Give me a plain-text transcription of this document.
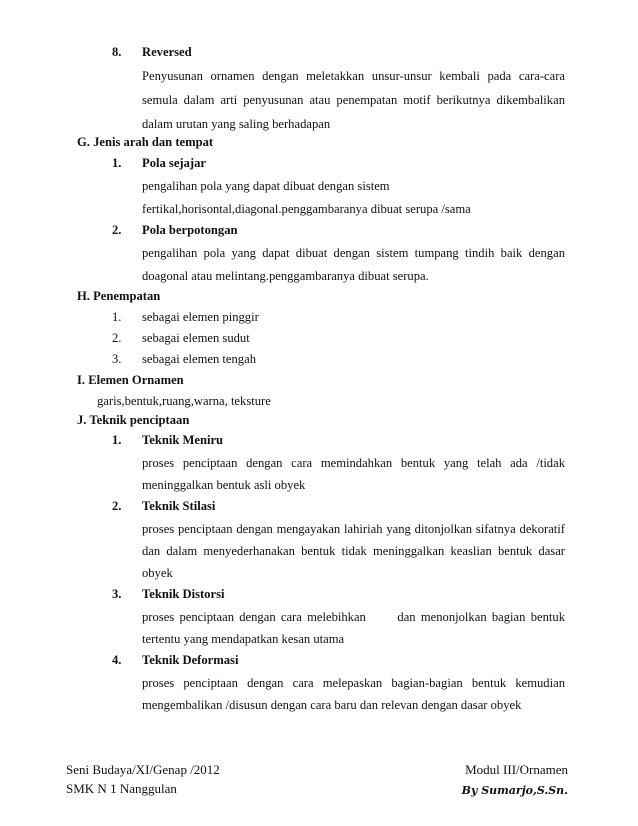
8. Reversed
Penyusunan ornamen dengan meletakkan unsur-unsur kembali pada cara-cara
semula dalam arti penyusunan atau penempatan motif berikutnya dikembalikan
dalam urutan yang saling berhadapan
G. Jenis arah dan tempat
1. Pola sejajar
pengalihan pola yang dapat dibuat dengan sistem
fertikal,horisontal,diagonal.penggambaranya dibuat serupa /sama
2. Pola berpotongan
pengalihan pola yang dapat dibuat dengan sistem tumpang tindih baik dengan
doagonal atau melintang.penggambaranya dibuat serupa.
H. Penempatan
1. sebagai elemen pinggir
2. sebagai elemen sudut
3. sebagai elemen tengah
I. Elemen Ornamen
garis,bentuk,ruang,warna, teksture
J. Teknik penciptaan
1. Teknik Meniru
proses penciptaan dengan cara memindahkan bentuk yang telah ada /tidak
meninggalkan bentuk asli obyek
2. Teknik Stilasi
proses penciptaan dengan mengayakan lahiriah yang ditonjolkan sifatnya dekoratif
dan dalam menyederhanakan bentuk tidak meninggalkan keaslian bentuk dasar
obyek
3. Teknik Distorsi
proses penciptaan dengan cara melebihkan      dan menonjolkan bagian bentuk
tertentu yang mendapatkan kesan utama
4. Teknik Deformasi
proses penciptaan dengan cara melepaskan bagian-bagian bentuk kemudian
mengembalikan /disusun dengan cara baru dan relevan dengan dasar obyek
Seni Budaya/XI/Genap /2012
SMK N 1 Nanggulan
Modul III/Ornamen
By Sumarjo,S.Sn.
